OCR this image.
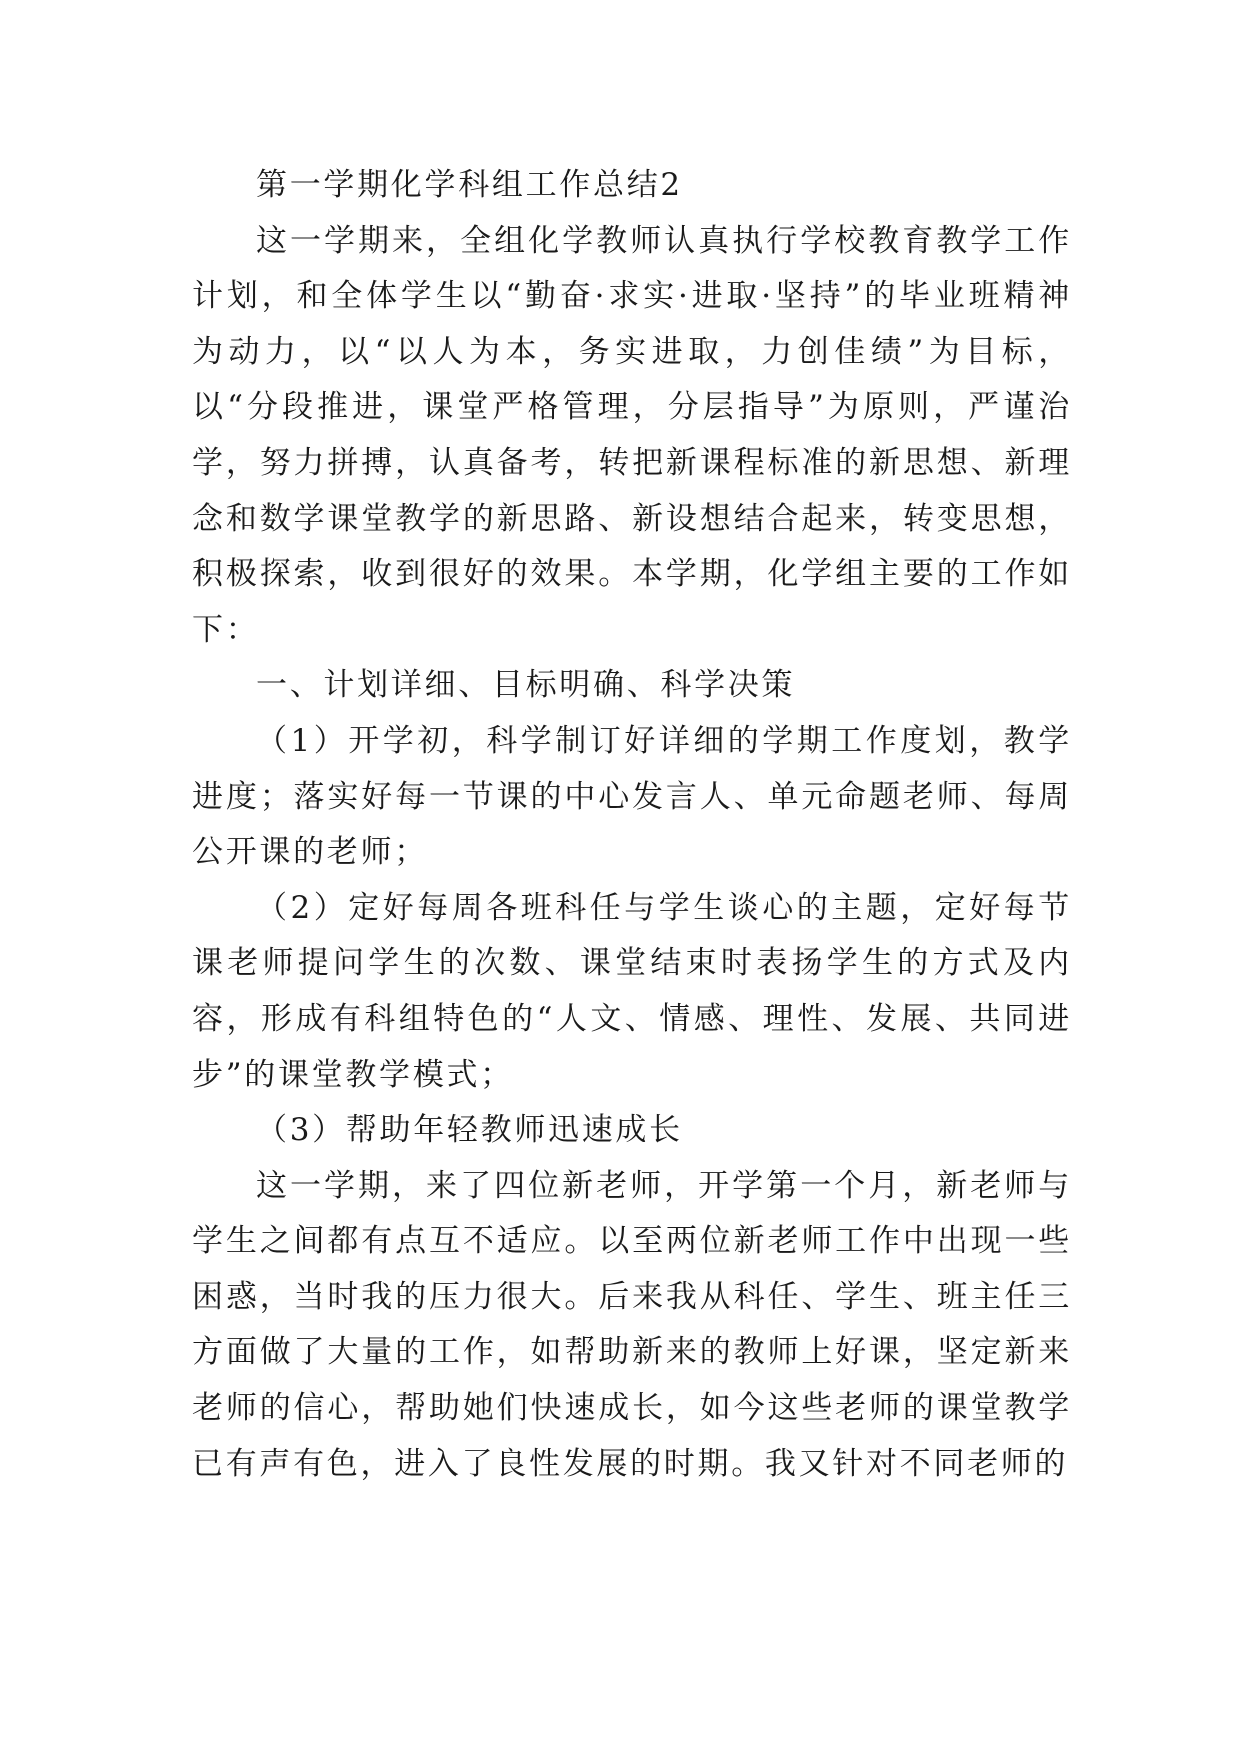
第一学期化学科组工作总结2

这一学期来，全组化学教师认真执行学校教育教学工作计划，和全体学生以“勤奋·求实·进取·坚持”的毕业班精神为动力，以“以人为本，务实进取，力创佳绩”为目标，以“分段推进，课堂严格管理，分层指导”为原则，严谨治学，努力拼搏，认真备考，转把新课程标准的新思想、新理念和数学课堂教学的新思路、新设想结合起来，转变思想，积极探索，收到很好的效果。本学期，化学组主要的工作如下：

一、计划详细、目标明确、科学决策

（1）开学初，科学制订好详细的学期工作度划，教学进度；落实好每一节课的中心发言人、单元命题老师、每周公开课的老师；

（2）定好每周各班科任与学生谈心的主题，定好每节课老师提问学生的次数、课堂结束时表扬学生的方式及内容，形成有科组特色的“人文、情感、理性、发展、共同进步”的课堂教学模式；

（3）帮助年轻教师迅速成长

这一学期，来了四位新老师，开学第一个月，新老师与学生之间都有点互不适应。以至两位新老师工作中出现一些困惑，当时我的压力很大。后来我从科任、学生、班主任三方面做了大量的工作，如帮助新来的教师上好课，坚定新来老师的信心，帮助她们快速成长，如今这些老师的课堂教学已有声有色，进入了良性发展的时期。我又针对不同老师的
